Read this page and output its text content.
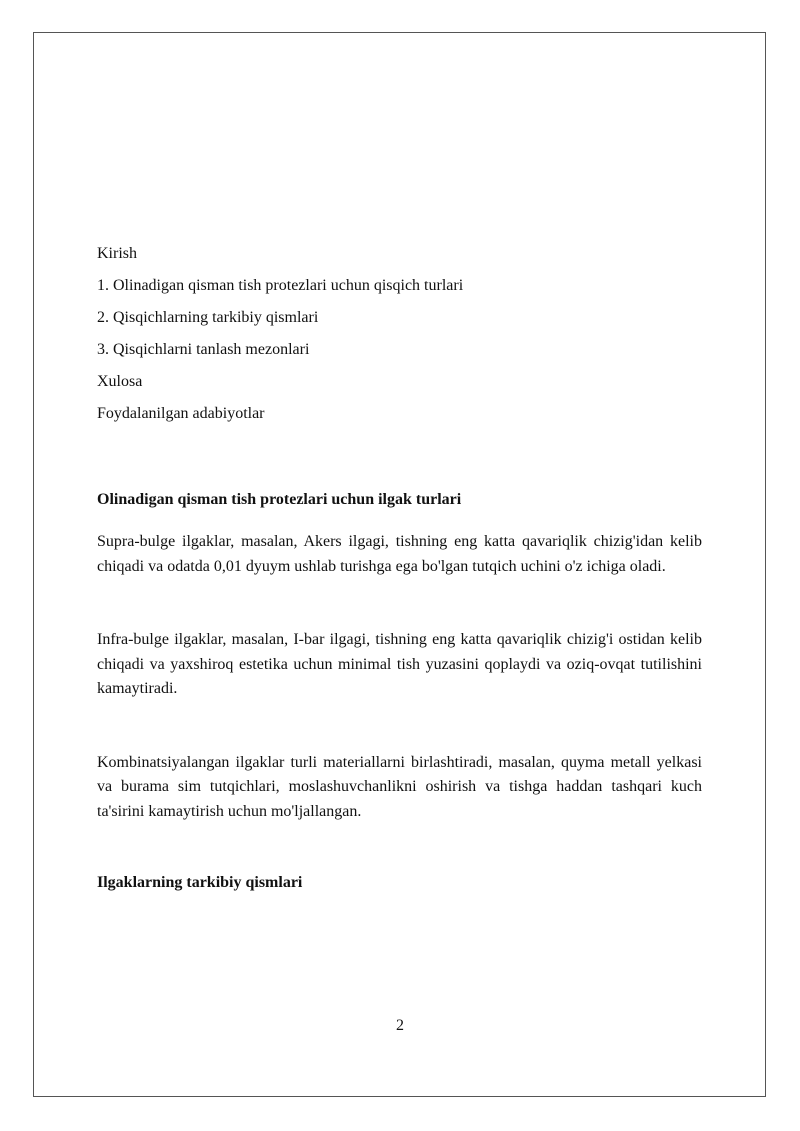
Kirish
1. Olinadigan qisman tish protezlari uchun qisqich turlari
2. Qisqichlarning tarkibiy qismlari
3. Qisqichlarni tanlash mezonlari
Xulosa
Foydalanilgan adabiyotlar
Olinadigan qisman tish protezlari uchun ilgak turlari

Supra-bulge ilgaklar, masalan, Akers ilgagi, tishning eng katta qavariqlik chizig'idan kelib chiqadi va odatda 0,01 dyuym ushlab turishga ega bo'lgan tutqich uchini o'z ichiga oladi.

Infra-bulge ilgaklar, masalan, I-bar ilgagi, tishning eng katta qavariqlik chizig'i ostidan kelib chiqadi va yaxshiroq estetika uchun minimal tish yuzasini qoplaydi va oziq-ovqat tutilishini kamaytiradi.

Kombinatsiyalangan ilgaklar turli materiallarni birlashtiradi, masalan, quyma metall yelkasi va burama sim tutqichlari, moslashuvchanlikni oshirish va tishga haddan tashqari kuch ta'sirini kamaytirish uchun mo'ljallangan.

Ilgaklarning tarkibiy qismlari
2
